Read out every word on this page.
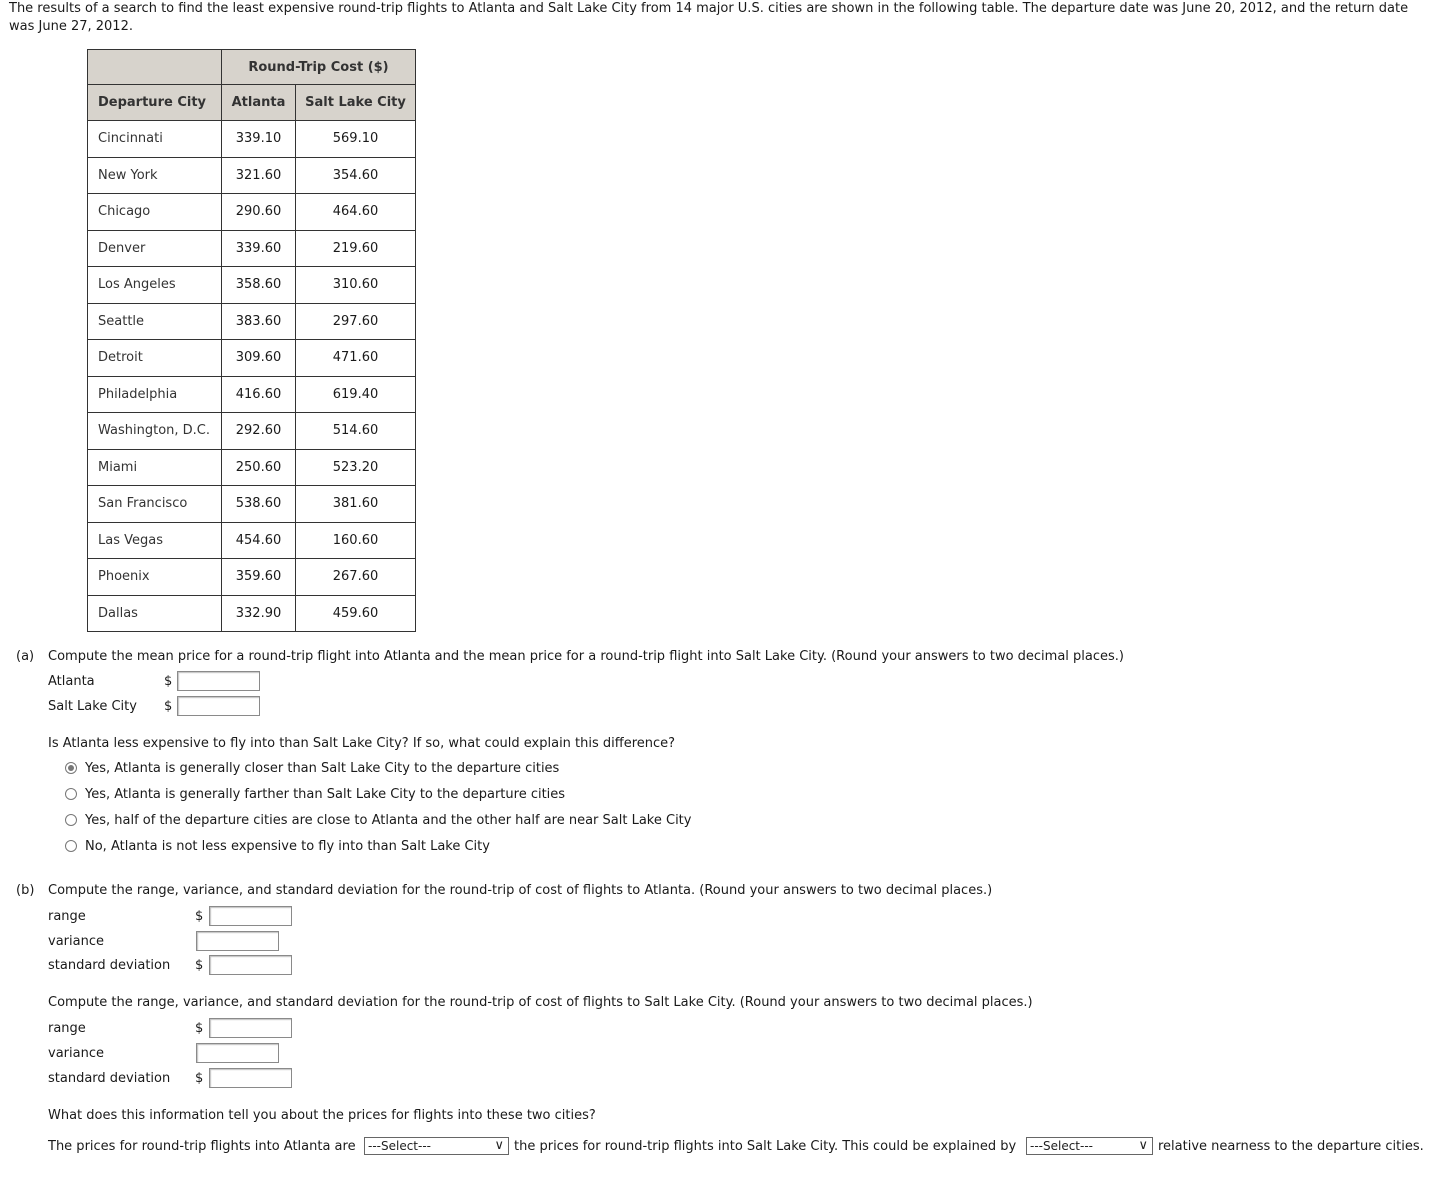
The results of a search to find the least expensive round-trip flights to Atlanta and Salt Lake City from 14 major U.S. cities are shown in the following table. The departure date was June 20, 2012, and the return date was June 27, 2012.
	Round-Trip Cost ($)	
Departure City	Atlanta	Salt Lake City
Cincinnati	339.10	569.10
New York	321.60	354.60
Chicago	290.60	464.60
Denver	339.60	219.60
Los Angeles	358.60	310.60
Seattle	383.60	297.60
Detroit	309.60	471.60
Philadelphia	416.60	619.40
Washington, D.C.	292.60	514.60
Miami	250.60	523.20
San Francisco	538.60	381.60
Las Vegas	454.60	160.60
Phoenix	359.60	267.60
Dallas	332.90	459.60
(a) Compute the mean price for a round-trip flight into Atlanta and the mean price for a round-trip flight into Salt Lake City. (Round your answers to two decimal places.)
Atlanta	$
Salt Lake City $
Is Atlanta less expensive to fly into than Salt Lake City? If so, what could explain this difference?
Yes, Atlanta is generally closer than Salt Lake City to the departure cities
Yes, Atlanta is generally farther than Salt Lake City to the departure cities
Yes, half of the departure cities are close to Atlanta and the other half are near Salt Lake City
No, Atlanta is not less expensive to fly into than Salt Lake City
(b) Compute the range, variance, and standard deviation for the round-trip of cost of flights to Atlanta. (Round your answers to two decimal places.)
range	$
variance
standard deviation $
Compute the range, variance, and standard deviation for the round-trip of cost of flights to Salt Lake City. (Round your answers to two decimal places.)
range	$
variance
standard deviation $
What does this information tell you about the prices for flights into these two cities?
The prices for round-trip flights into Atlanta are	---Select---	∨ the prices for round-trip flights into Salt Lake City. This could be explained by	---Select---	∨ relative nearness to the departure cities.
